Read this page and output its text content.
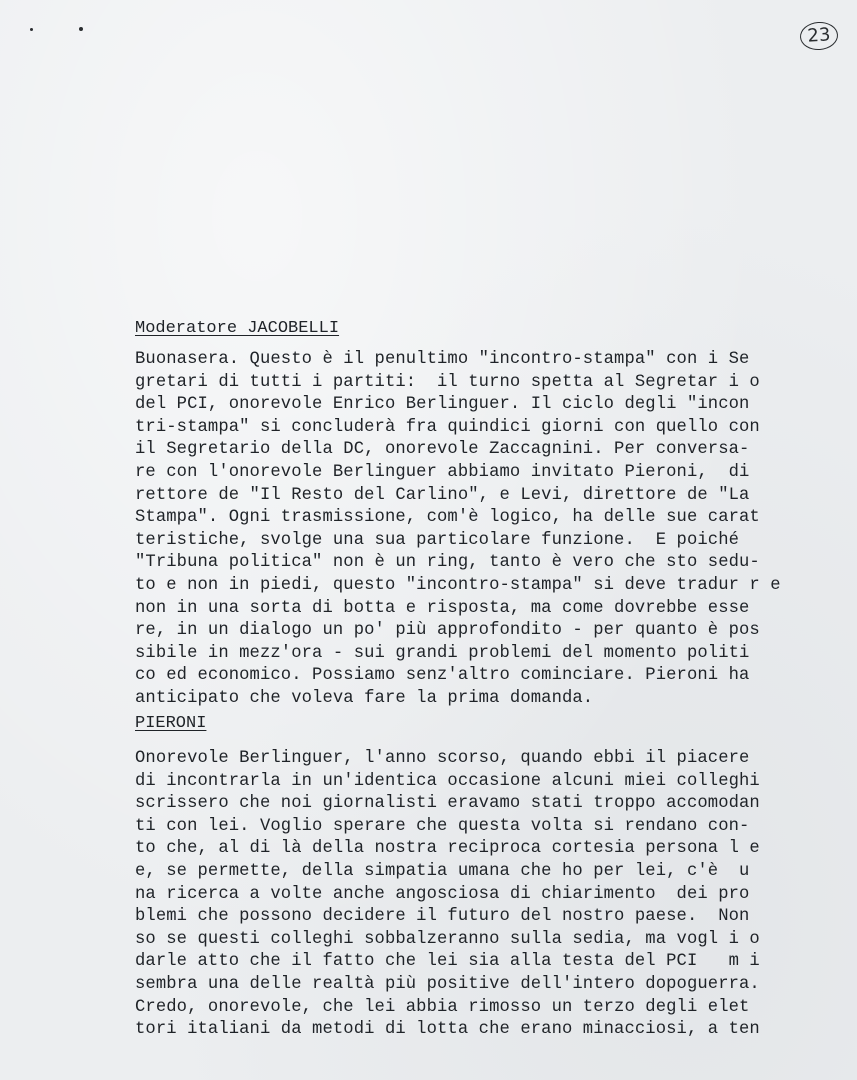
23
Moderatore JACOBELLI
Buonasera. Questo è il penultimo "incontro-stampa" con i Se
gretari di tutti i partiti:  il turno spetta al Segretar i o
del PCI, onorevole Enrico Berlinguer. Il ciclo degli "incon
tri-stampa" si concluderà fra quindici giorni con quello con
il Segretario della DC, onorevole Zaccagnini. Per conversa-
re con l'onorevole Berlinguer abbiamo invitato Pieroni,  di
rettore de "Il Resto del Carlino", e Levi, direttore de "La
Stampa". Ogni trasmissione, com'è logico, ha delle sue carat
teristiche, svolge una sua particolare funzione.  E poiché
"Tribuna politica" non è un ring, tanto è vero che sto sedu-
to e non in piedi, questo "incontro-stampa" si deve tradur r e
non in una sorta di botta e risposta, ma come dovrebbe esse
re, in un dialogo un po' più approfondito - per quanto è pos
sibile in mezz'ora - sui grandi problemi del momento politi
co ed economico. Possiamo senz'altro cominciare. Pieroni ha
anticipato che voleva fare la prima domanda.
PIERONI
Onorevole Berlinguer, l'anno scorso, quando ebbi il piacere
di incontrarla in un'identica occasione alcuni miei colleghi
scrissero che noi giornalisti eravamo stati troppo accomodan
ti con lei. Voglio sperare che questa volta si rendano con-
to che, al di là della nostra reciproca cortesia persona l e
e, se permette, della simpatia umana che ho per lei, c'è  u
na ricerca a volte anche angosciosa di chiarimento  dei pro
blemi che possono decidere il futuro del nostro paese.  Non
so se questi colleghi sobbalzeranno sulla sedia, ma vogl i o
darle atto che il fatto che lei sia alla testa del PCI   m i
sembra una delle realtà più positive dell'intero dopoguerra.
Credo, onorevole, che lei abbia rimosso un terzo degli elet
tori italiani da metodi di lotta che erano minacciosi, a ten
